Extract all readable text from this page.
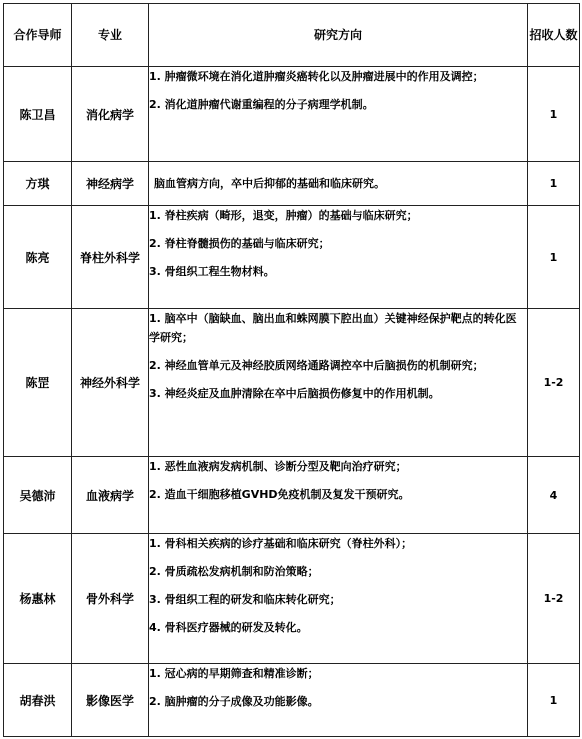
合作导师	专业	研究方向	招收人数
陈卫昌	消化病学	1. 肿瘤微环境在消化道肿瘤炎癌转化以及肿瘤进展中的作用及调控；

2. 消化道肿瘤代谢重编程的分子病理学机制。	1
方琪	神经病学	脑血管病方向，卒中后抑郁的基础和临床研究。	1
陈亮	脊柱外科学	1. 脊柱疾病（畸形，退变，肿瘤）的基础与临床研究；

2. 脊柱脊髓损伤的基础与临床研究；

3. 骨组织工程生物材料。	1
陈罡	神经外科学	1. 脑卒中（脑缺血、脑出血和蛛网膜下腔出血）关键神经保护靶点的转化医学研究；

2. 神经血管单元及神经胶质网络通路调控卒中后脑损伤的机制研究；

3. 神经炎症及血肿清除在卒中后脑损伤修复中的作用机制。	1-2
吴德沛	血液病学	1. 恶性血液病发病机制、诊断分型及靶向治疗研究；

2. 造血干细胞移植GVHD免疫机制及复发干预研究。	4
杨惠林	骨外科学	1. 骨科相关疾病的诊疗基础和临床研究（脊柱外科）；

2. 骨质疏松发病机制和防治策略；

3. 骨组织工程的研发和临床转化研究；

4. 骨科医疗器械的研发及转化。	1-2
胡春洪	影像医学	1. 冠心病的早期筛查和精准诊断；

2. 脑肿瘤的分子成像及功能影像。	1
